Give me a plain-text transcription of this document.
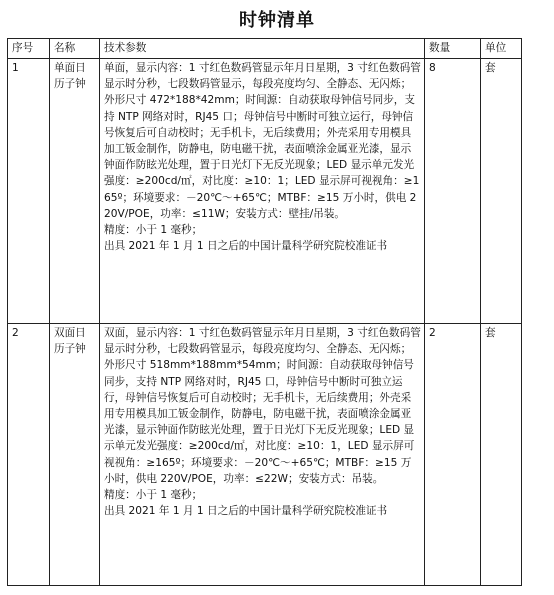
时钟清单
序号	名称	技术参数	数量	单位
1	单面日历子钟	单面，显示内容：1 寸红色数码管显示年月日星期，3 寸红色数码管显示时分秒，七段数码管显示，每段亮度均匀、全静态、无闪烁；外形尺寸 472*188*42mm；时间源：自动获取母钟信号同步，支持 NTP 网络对时，RJ45 口；母钟信号中断时可独立运行，母钟信号恢复后可自动校时；无手机卡，无后续费用；外壳采用专用模具加工钣金制作，防静电，防电磁干扰，表面喷涂金属亚光漆，显示钟面作防眩光处理，置于日光灯下无反光现象；LED 显示单元发光强度：≥200cd/㎡，对比度：≥10：1；LED 显示屏可视视角：≥165º；环境要求：－20℃～+65℃；MTBF：≥15 万小时，供电 220V/POE，功率：≤11W；安装方式：壁挂/吊装。
精度：小于 1 毫秒；
出具 2021 年 1 月 1 日之后的中国计量科学研究院校准证书	8	套
2	双面日历子钟	双面，显示内容：1 寸红色数码管显示年月日星期，3 寸红色数码管显示时分秒，七段数码管显示，每段亮度均匀、全静态、无闪烁；外形尺寸 518mm*188mm*54mm；时间源：自动获取母钟信号同步，支持 NTP 网络对时，RJ45 口，母钟信号中断时可独立运行，母钟信号恢复后可自动校时；无手机卡，无后续费用；外壳采用专用模具加工钣金制作，防静电，防电磁干扰，表面喷涂金属亚光漆，显示钟面作防眩光处理，置于日光灯下无反光现象；LED 显示单元发光强度：≥200cd/㎡，对比度：≥10：1，LED 显示屏可视视角：≥165º；环境要求：－20℃～+65℃；MTBF：≥15 万小时，供电 220V/POE，功率：≤22W；安装方式：吊装。
精度：小于 1 毫秒；
出具 2021 年 1 月 1 日之后的中国计量科学研究院校准证书	2	套
